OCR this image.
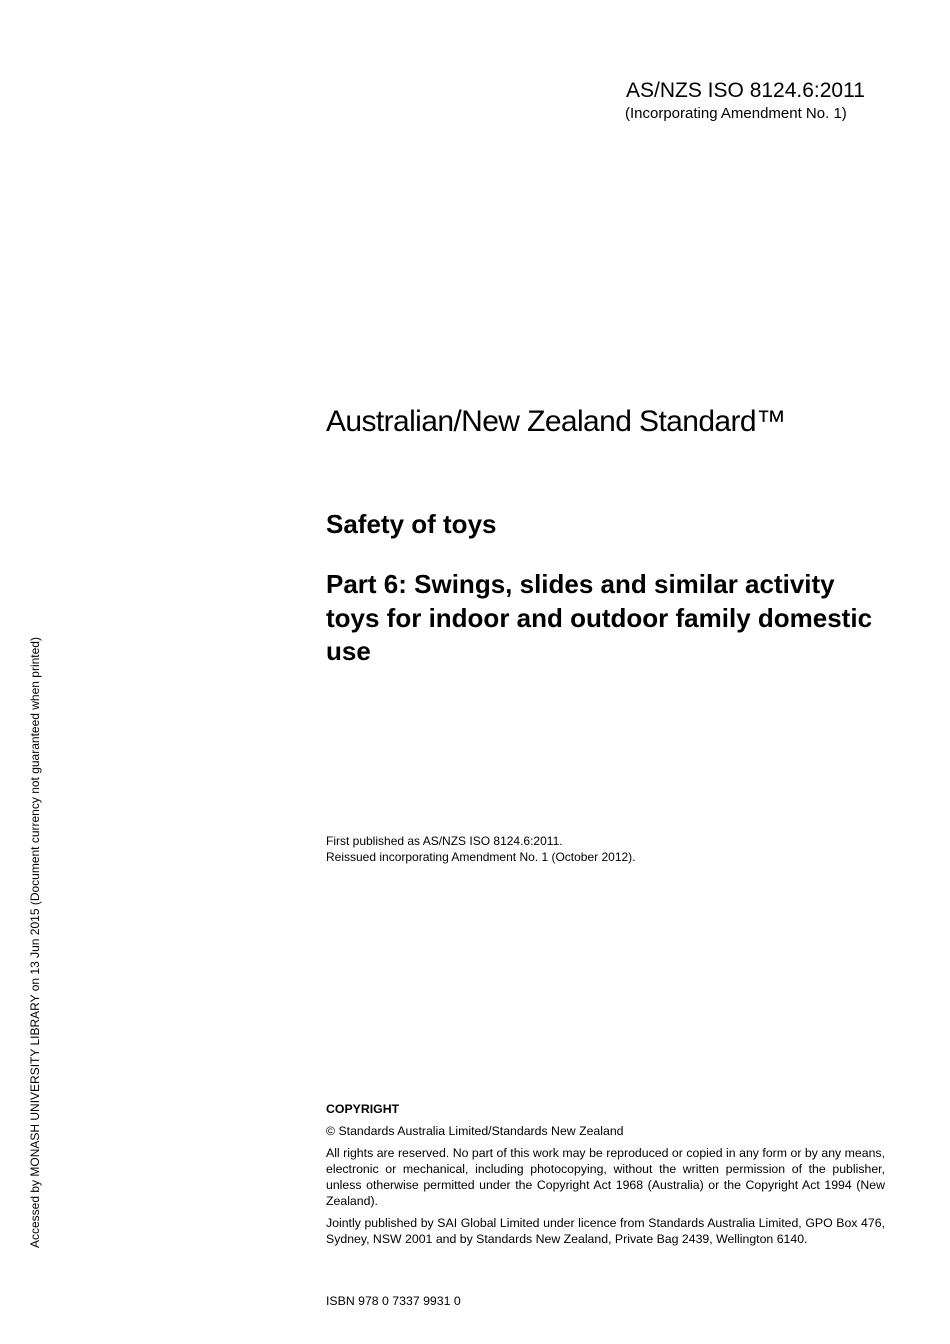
AS/NZS ISO 8124.6:2011
(Incorporating Amendment No. 1)
Australian/New Zealand Standard™
Safety of toys
Part 6: Swings, slides and similar activity toys for indoor and outdoor family domestic use
First published as AS/NZS ISO 8124.6:2011.
Reissued incorporating Amendment No. 1 (October 2012).
COPYRIGHT

© Standards Australia Limited/Standards New Zealand

All rights are reserved. No part of this work may be reproduced or copied in any form or by any means, electronic or mechanical, including photocopying, without the written permission of the publisher, unless otherwise permitted under the Copyright Act 1968 (Australia) or the Copyright Act 1994 (New Zealand).

Jointly published by SAI Global Limited under licence from Standards Australia Limited, GPO Box 476, Sydney, NSW 2001 and by Standards New Zealand, Private Bag 2439, Wellington 6140.

ISBN 978 0 7337 9931 0
Accessed by MONASH UNIVERSITY LIBRARY on 13 Jun 2015 (Document currency not guaranteed when printed)
